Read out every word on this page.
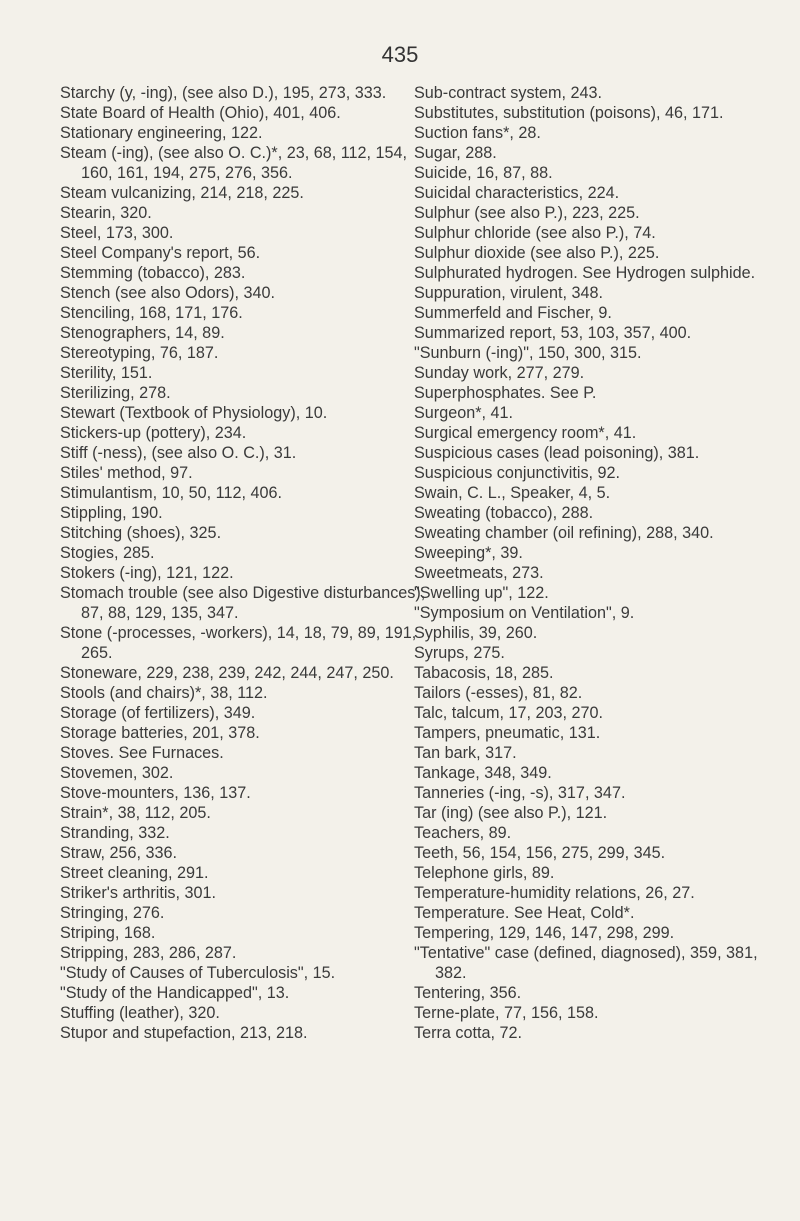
435
Starchy (y, -ing), (see also D.), 195, 273, 333.
State Board of Health (Ohio), 401, 406.
Stationary engineering, 122.
Steam (-ing), (see also O. C.)*, 23, 68, 112, 154, 160, 161, 194, 275, 276, 356.
Steam vulcanizing, 214, 218, 225.
Stearin, 320.
Steel, 173, 300.
Steel Company's report, 56.
Stemming (tobacco), 283.
Stench (see also Odors), 340.
Stenciling, 168, 171, 176.
Stenographers, 14, 89.
Stereotyping, 76, 187.
Sterility, 151.
Sterilizing, 278.
Stewart (Textbook of Physiology), 10.
Stickers-up (pottery), 234.
Stiff (-ness), (see also O. C.), 31.
Stiles' method, 97.
Stimulantism, 10, 50, 112, 406.
Stippling, 190.
Stitching (shoes), 325.
Stogies, 285.
Stokers (-ing), 121, 122.
Stomach trouble (see also Digestive disturbances), 87, 88, 129, 135, 347.
Stone (-processes, -workers), 14, 18, 79, 89, 191, 265.
Stoneware, 229, 238, 239, 242, 244, 247, 250.
Stools (and chairs)*, 38, 112.
Storage (of fertilizers), 349.
Storage batteries, 201, 378.
Stoves. See Furnaces.
Stovemen, 302.
Stove-mounters, 136, 137.
Strain*, 38, 112, 205.
Stranding, 332.
Straw, 256, 336.
Street cleaning, 291.
Striker's arthritis, 301.
Stringing, 276.
Striping, 168.
Stripping, 283, 286, 287.
"Study of Causes of Tuberculosis", 15.
"Study of the Handicapped", 13.
Stuffing (leather), 320.
Stupor and stupefaction, 213, 218.
Sub-contract system, 243.
Substitutes, substitution (poisons), 46, 171.
Suction fans*, 28.
Sugar, 288.
Suicide, 16, 87, 88.
Suicidal characteristics, 224.
Sulphur (see also P.), 223, 225.
Sulphur chloride (see also P.), 74.
Sulphur dioxide (see also P.), 225.
Sulphurated hydrogen. See Hydrogen sulphide.
Suppuration, virulent, 348.
Summerfeld and Fischer, 9.
Summarized report, 53, 103, 357, 400.
"Sunburn (-ing)", 150, 300, 315.
Sunday work, 277, 279.
Superphosphates. See P.
Surgeon*, 41.
Surgical emergency room*, 41.
Suspicious cases (lead poisoning), 381.
Suspicious conjunctivitis, 92.
Swain, C. L., Speaker, 4, 5.
Sweating (tobacco), 288.
Sweating chamber (oil refining), 288, 340.
Sweeping*, 39.
Sweetmeats, 273.
"Swelling up", 122.
"Symposium on Ventilation", 9.
Syphilis, 39, 260.
Syrups, 275.
Tabacosis, 18, 285.
Tailors (-esses), 81, 82.
Talc, talcum, 17, 203, 270.
Tampers, pneumatic, 131.
Tan bark, 317.
Tankage, 348, 349.
Tanneries (-ing, -s), 317, 347.
Tar (ing) (see also P.), 121.
Teachers, 89.
Teeth, 56, 154, 156, 275, 299, 345.
Telephone girls, 89.
Temperature-humidity relations, 26, 27.
Temperature. See Heat, Cold*.
Tempering, 129, 146, 147, 298, 299.
"Tentative" case (defined, diagnosed), 359, 381, 382.
Tentering, 356.
Terne-plate, 77, 156, 158.
Terra cotta, 72.
